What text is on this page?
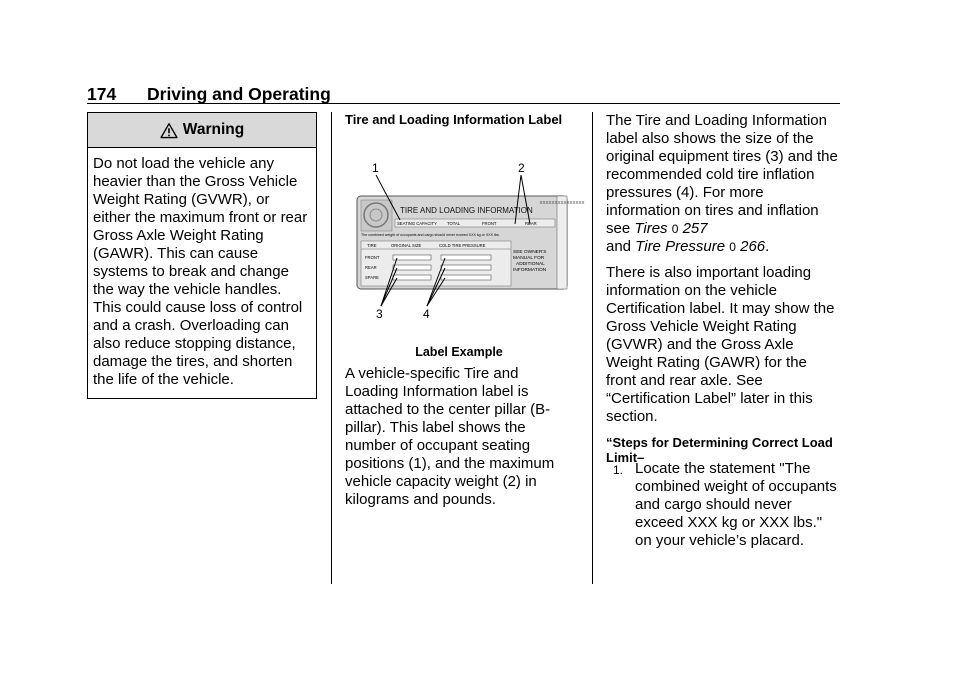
174 Driving and Operating
Warning
Do not load the vehicle any heavier than the Gross Vehicle Weight Rating (GVWR), or either the maximum front or rear Gross Axle Weight Rating (GAWR). This can cause systems to break and change the way the vehicle handles. This could cause loss of control and a crash. Overloading can also reduce stopping distance, damage the tires, and shorten the life of the vehicle.

Tire and Loading Information Label

1	2
3	4
XXXXXXXXXXXXXXX
TIRE AND LOADING INFORMATION
SEATING CAPACITY TOTAL	FRONT	REAR
The combined weight of occupants and cargo should never exceed XXX kg or XXX lbs.
TIRE	ORIGINAL SIZE	COLD TIRE PRESSURE
FRONT
REAR
SPARE
SEE OWNER'S
MANUAL FOR
ADDITIONAL
INFORMATION

Label Example

A vehicle-specific Tire and Loading Information label is attached to the center pillar (B-pillar). This label shows the number of occupant seating positions (1), and the maximum vehicle capacity weight (2) in kilograms and pounds.

The Tire and Loading Information label also shows the size of the original equipment tires (3) and the recommended cold tire inflation pressures (4). For more information on tires and inflation see Tires 0 257
and Tire Pressure 0 266.

There is also important loading information on the vehicle Certification label. It may show the Gross Vehicle Weight Rating (GVWR) and the Gross Axle Weight Rating (GAWR) for the front and rear axle. See “Certification Label” later in this section.

“Steps for Determining Correct Load Limit–

1. Locate the statement "The combined weight of occupants and cargo should never exceed XXX kg or XXX lbs." on your vehicle’s placard.
